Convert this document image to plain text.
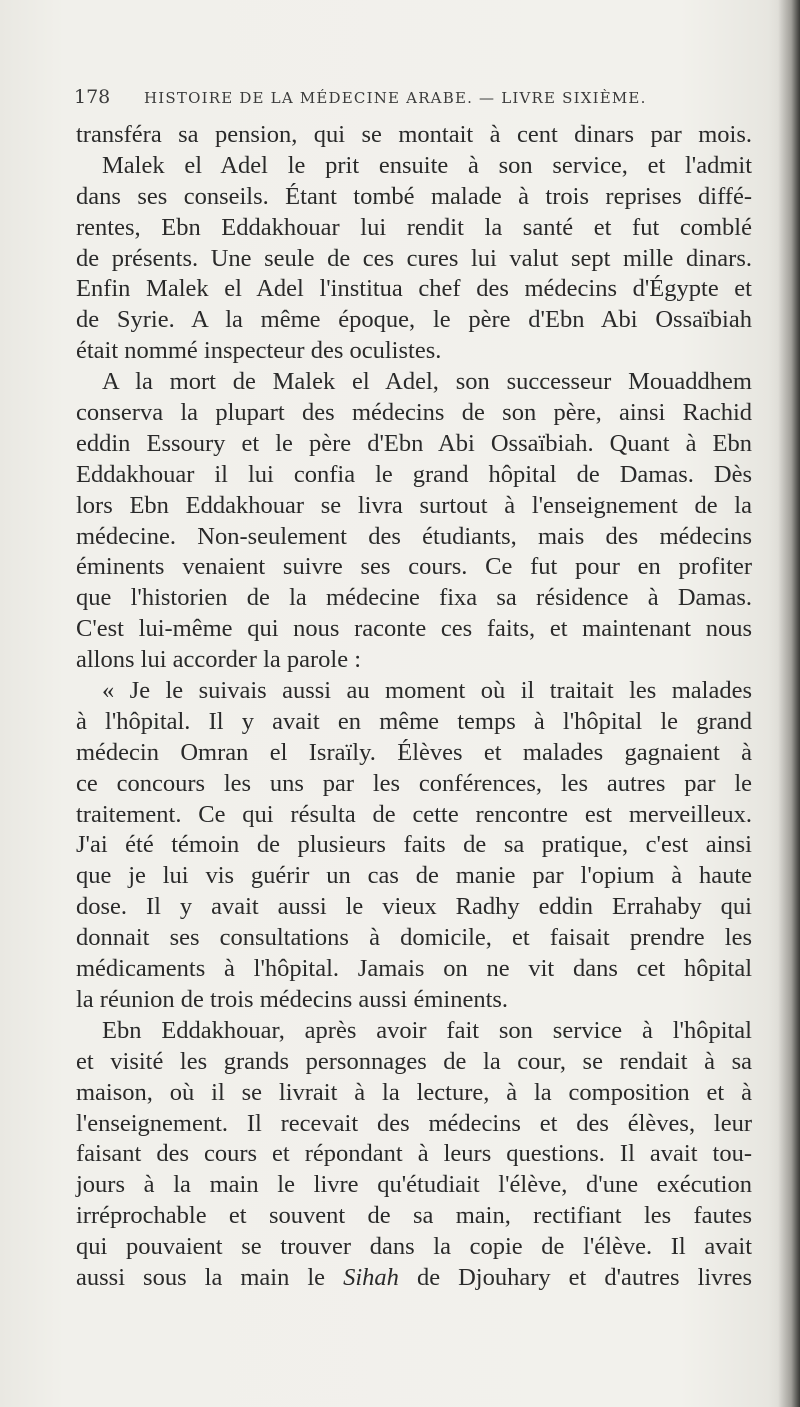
178 HISTOIRE DE LA MÉDECINE ARABE. — LIVRE SIXIÈME.
transféra sa pension, qui se montait à cent dinars par mois.
Malek el Adel le prit ensuite à son service, et l'admit
dans ses conseils. Étant tombé malade à trois reprises diffé-
rentes, Ebn Eddakhouar lui rendit la santé et fut comblé
de présents. Une seule de ces cures lui valut sept mille dinars.
Enfin Malek el Adel l'institua chef des médecins d'Égypte et
de Syrie. A la même époque, le père d'Ebn Abi Ossaïbiah
était nommé inspecteur des oculistes.
A la mort de Malek el Adel, son successeur Mouaddhem
conserva la plupart des médecins de son père, ainsi Rachid
eddin Essoury et le père d'Ebn Abi Ossaïbiah. Quant à Ebn
Eddakhouar il lui confia le grand hôpital de Damas. Dès
lors Ebn Eddakhouar se livra surtout à l'enseignement de la
médecine. Non-seulement des étudiants, mais des médecins
éminents venaient suivre ses cours. Ce fut pour en profiter
que l'historien de la médecine fixa sa résidence à Damas.
C'est lui-même qui nous raconte ces faits, et maintenant nous
allons lui accorder la parole :
« Je le suivais aussi au moment où il traitait les malades
à l'hôpital. Il y avait en même temps à l'hôpital le grand
médecin Omran el Israïly. Élèves et malades gagnaient à
ce concours les uns par les conférences, les autres par le
traitement. Ce qui résulta de cette rencontre est merveilleux.
J'ai été témoin de plusieurs faits de sa pratique, c'est ainsi
que je lui vis guérir un cas de manie par l'opium à haute
dose. Il y avait aussi le vieux Radhy eddin Errahaby qui
donnait ses consultations à domicile, et faisait prendre les
médicaments à l'hôpital. Jamais on ne vit dans cet hôpital
la réunion de trois médecins aussi éminents.
Ebn Eddakhouar, après avoir fait son service à l'hôpital
et visité les grands personnages de la cour, se rendait à sa
maison, où il se livrait à la lecture, à la composition et à
l'enseignement. Il recevait des médecins et des élèves, leur
faisant des cours et répondant à leurs questions. Il avait tou-
jours à la main le livre qu'étudiait l'élève, d'une exécution
irréprochable et souvent de sa main, rectifiant les fautes
qui pouvaient se trouver dans la copie de l'élève. Il avait
aussi sous la main le Sihah de Djouhary et d'autres livres
